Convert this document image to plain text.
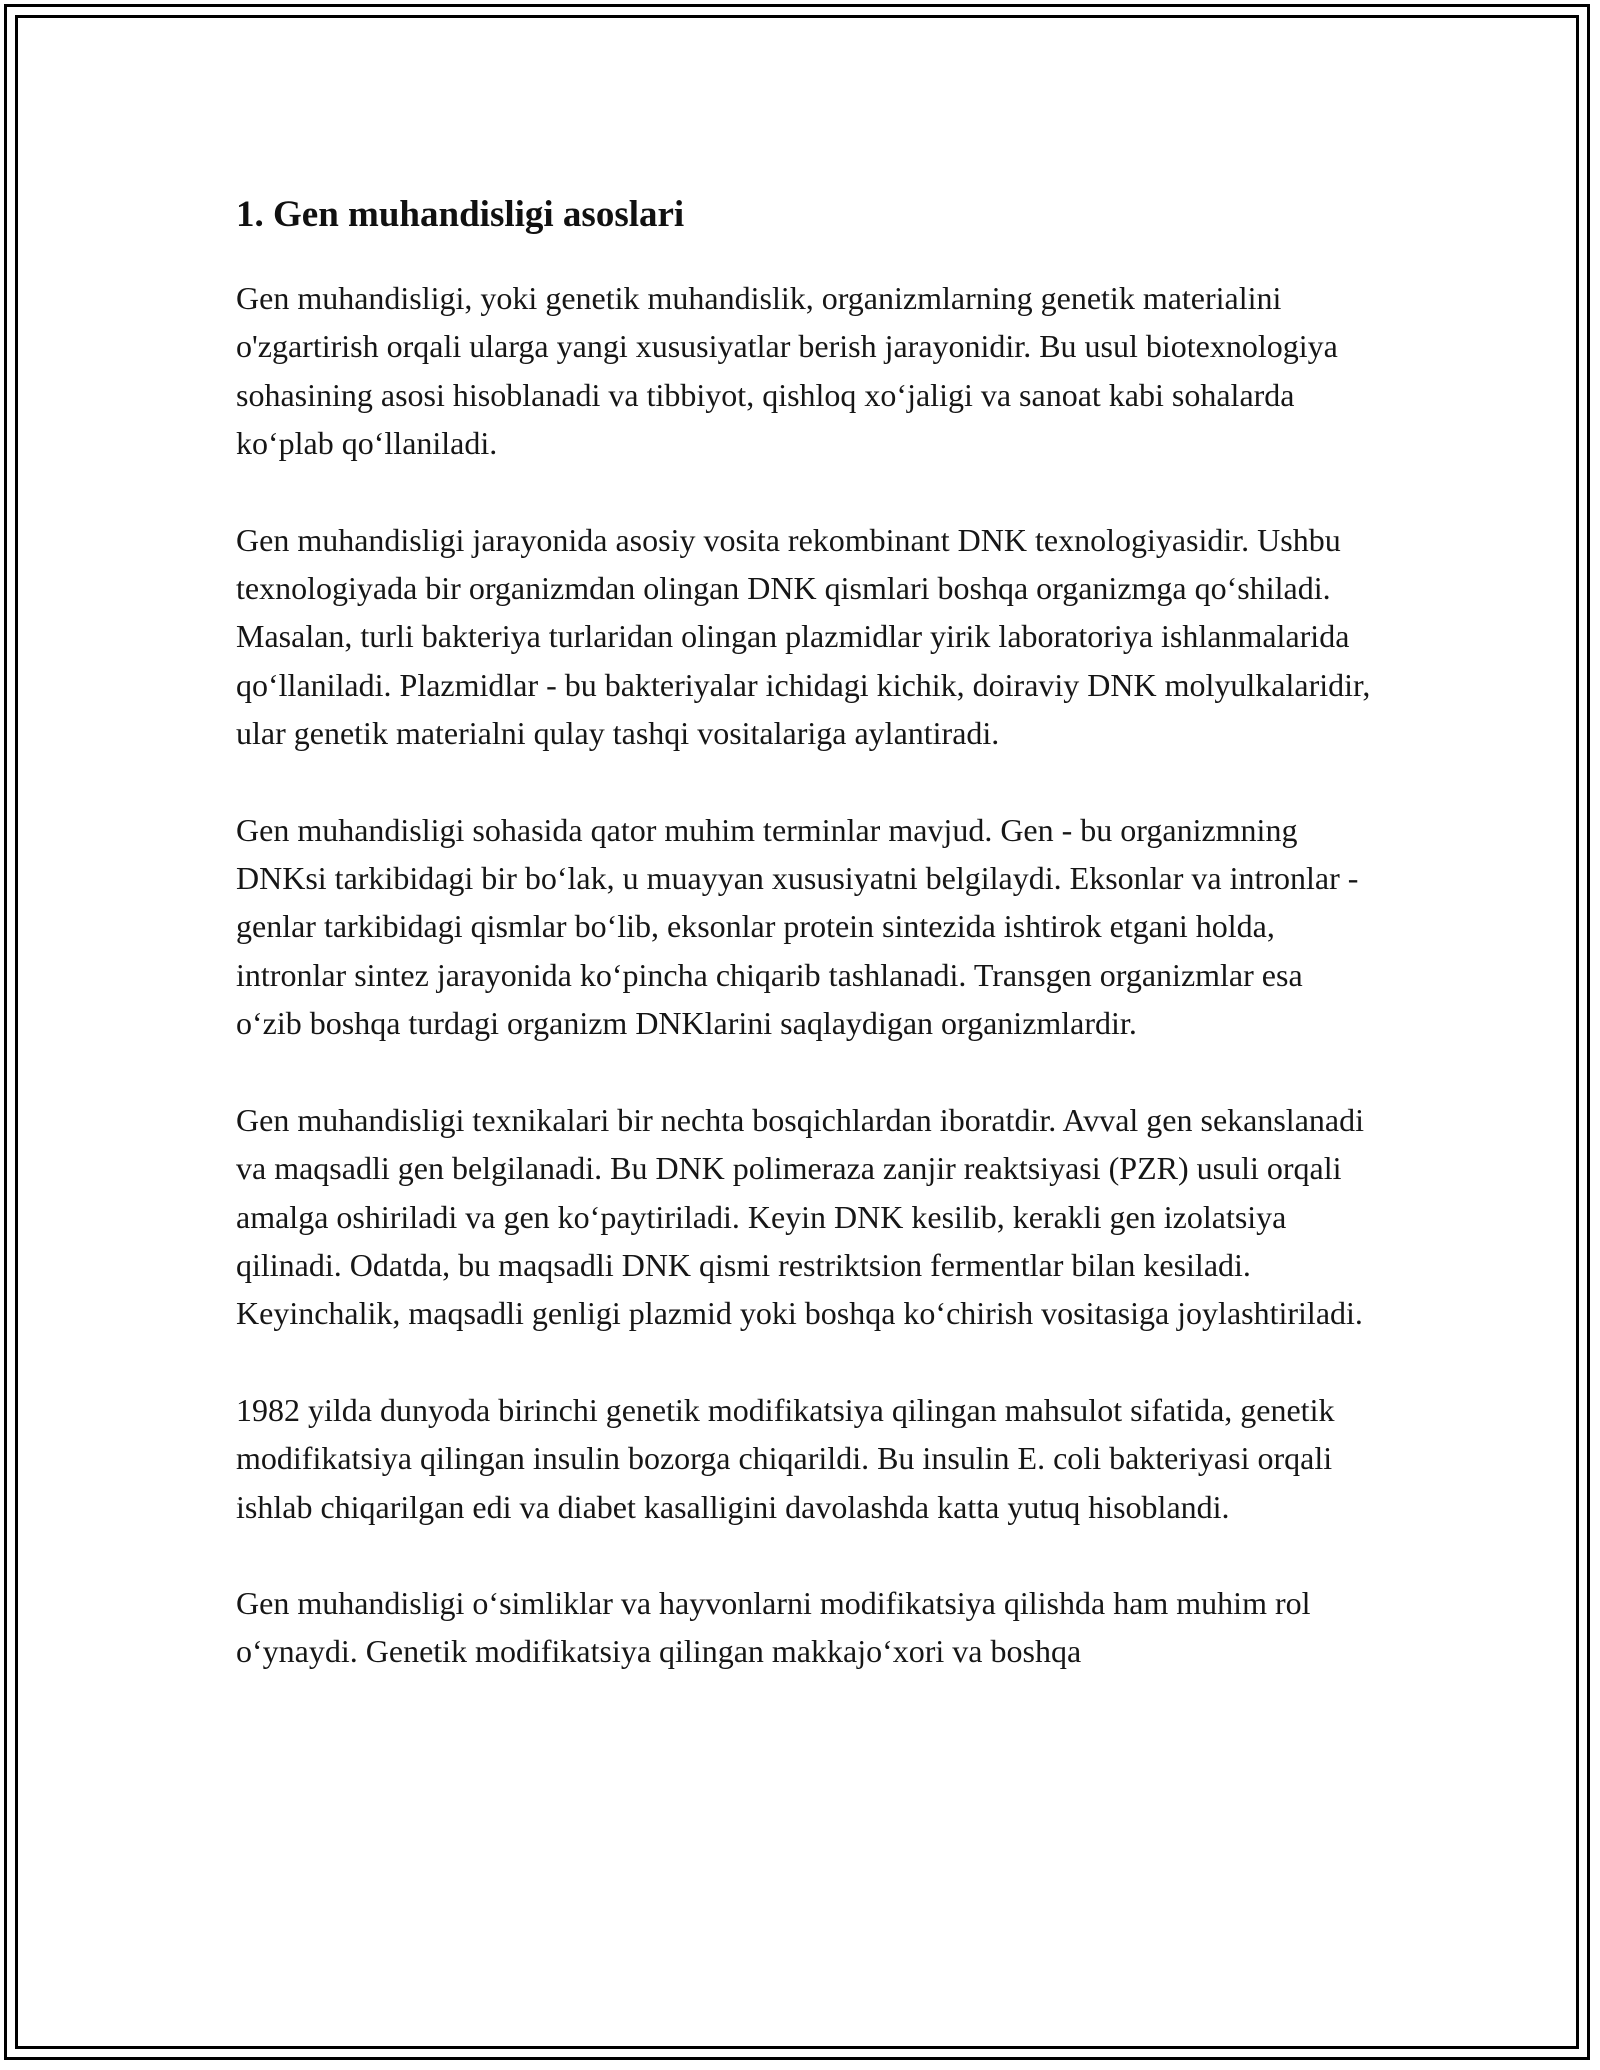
1. Gen muhandisligi asoslari

Gen muhandisligi, yoki genetik muhandislik, organizmlarning genetik materialini o'zgartirish orqali ularga yangi xususiyatlar berish jarayonidir. Bu usul biotexnologiya sohasining asosi hisoblanadi va tibbiyot, qishloq xoʻjaligi va sanoat kabi sohalarda koʻplab qoʻllaniladi.

Gen muhandisligi jarayonida asosiy vosita rekombinant DNK texnologiyasidir. Ushbu texnologiyada bir organizmdan olingan DNK qismlari boshqa organizmga qoʻshiladi. Masalan, turli bakteriya turlaridan olingan plazmidlar yirik laboratoriya ishlanmalarida qoʻllaniladi. Plazmidlar - bu bakteriyalar ichidagi kichik, doiraviy DNK molyulkalaridir, ular genetik materialni qulay tashqi vositalariga aylantiradi.

Gen muhandisligi sohasida qator muhim terminlar mavjud. Gen - bu organizmning DNKsi tarkibidagi bir boʻlak, u muayyan xususiyatni belgilaydi. Eksonlar va intronlar - genlar tarkibidagi qismlar boʻlib, eksonlar protein sintezida ishtirok etgani holda, intronlar sintez jarayonida koʻpincha chiqarib tashlanadi. Transgen organizmlar esa oʻzib boshqa turdagi organizm DNKlarini saqlaydigan organizmlardir.

Gen muhandisligi texnikalari bir nechta bosqichlardan iboratdir. Avval gen sekanslanadi va maqsadli gen belgilanadi. Bu DNK polimeraza zanjir reaktsiyasi (PZR) usuli orqali amalga oshiriladi va gen koʻpaytiriladi. Keyin DNK kesilib, kerakli gen izolatsiya qilinadi. Odatda, bu maqsadli DNK qismi restriktsion fermentlar bilan kesiladi. Keyinchalik, maqsadli genligi plazmid yoki boshqa koʻchirish vositasiga joylashtiriladi.

1982 yilda dunyoda birinchi genetik modifikatsiya qilingan mahsulot sifatida, genetik modifikatsiya qilingan insulin bozorga chiqarildi. Bu insulin E. coli bakteriyasi orqali ishlab chiqarilgan edi va diabet kasalligini davolashda katta yutuq hisoblandi.

Gen muhandisligi oʻsimliklar va hayvonlarni modifikatsiya qilishda ham muhim rol oʻynaydi. Genetik modifikatsiya qilingan makkajoʻxori va boshqa
